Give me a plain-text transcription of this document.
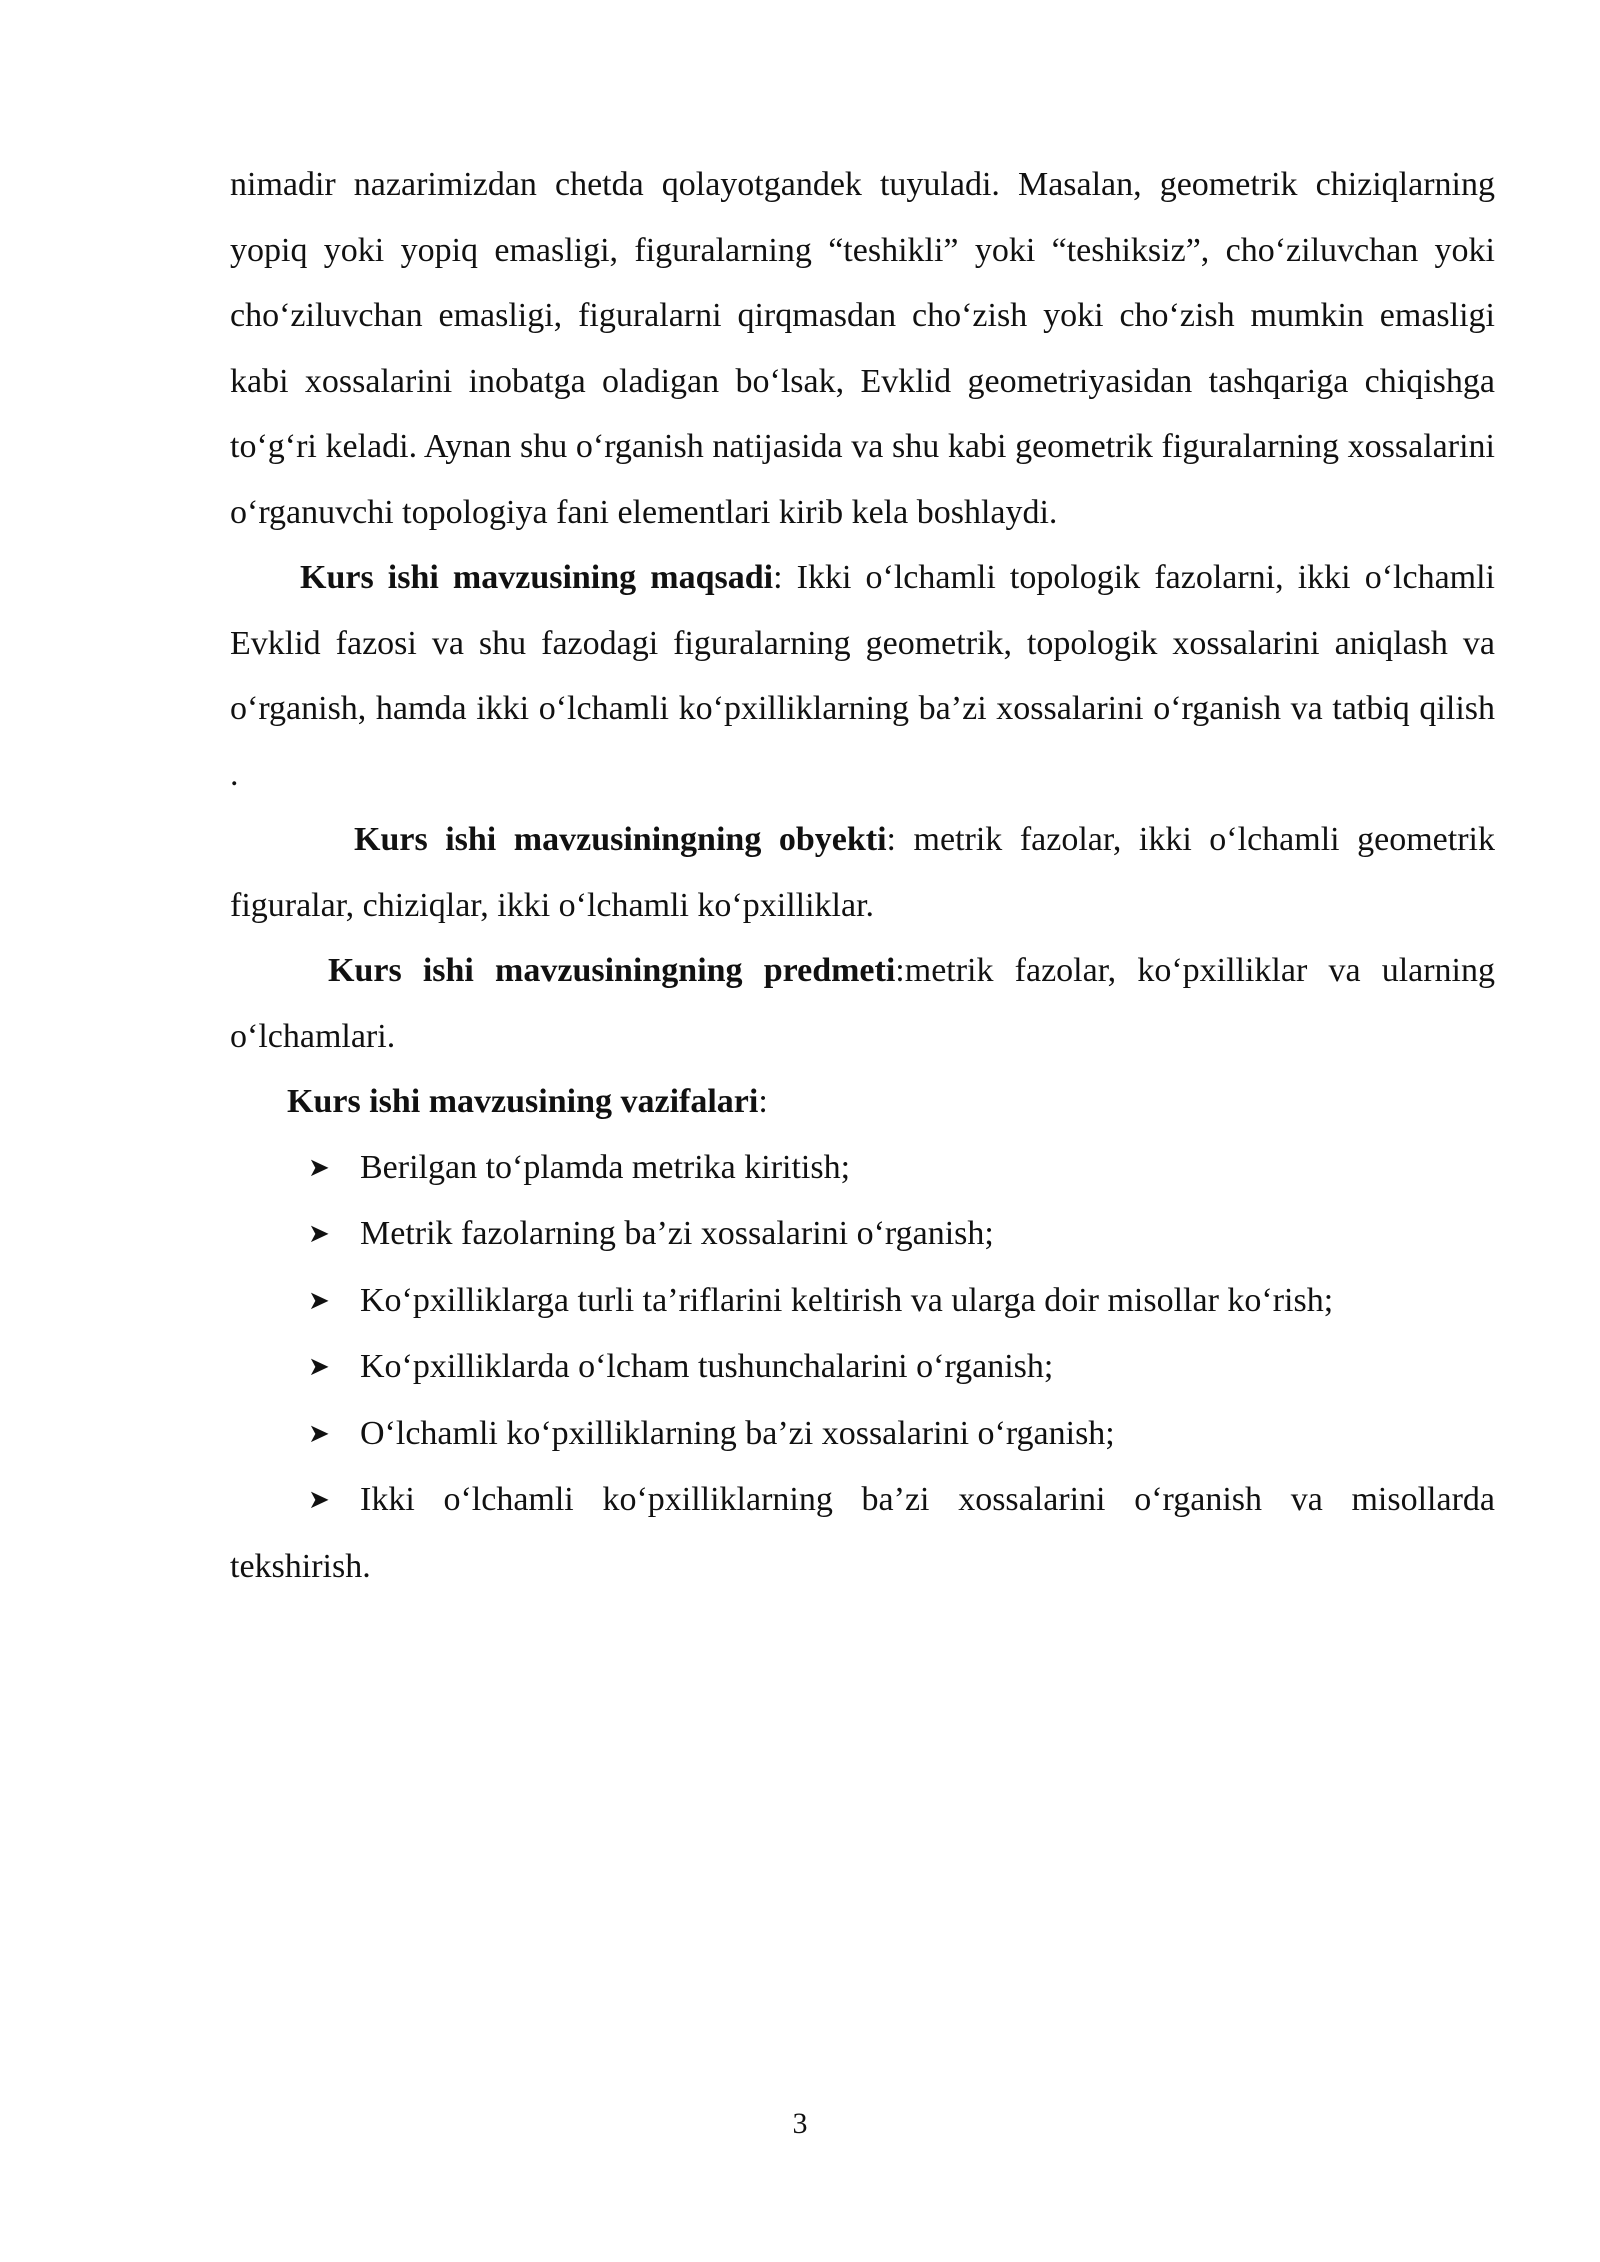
nimadir nazarimizdan chetda qolayotgandek tuyuladi. Masalan, geometrik chiziqlarning yopiq yoki yopiq emasligi, figuralarning “teshikli” yoki “teshiksiz”, cho‘ziluvchan yoki cho‘ziluvchan emasligi, figuralarni qirqmasdan cho‘zish yoki cho‘zish mumkin emasligi kabi xossalarini inobatga oladigan bo‘lsak, Evklid geometriyasidan tashqariga chiqishga to‘g‘ri keladi. Aynan shu o‘rganish natijasida va shu kabi geometrik figuralarning xossalarini o‘rganuvchi topologiya fani elementlari kirib kela boshlaydi.

Kurs ishi mavzusining maqsadi: Ikki o‘lchamli topologik fazolarni, ikki o‘lchamli Evklid fazosi va shu fazodagi figuralarning geometrik, topologik xossalarini aniqlash va o‘rganish, hamda ikki o‘lchamli ko‘pxilliklarning ba’zi xossalarini o‘rganish va tatbiq qilish .

Kurs ishi mavzusiningning obyekti: metrik fazolar, ikki o‘lchamli geometrik figuralar, chiziqlar, ikki o‘lchamli ko‘pxilliklar.

Kurs ishi mavzusiningning predmeti:metrik fazolar, ko‘pxilliklar va ularning o‘lchamlari.

Kurs ishi mavzusining vazifalari:

➤ Berilgan to‘plamda metrika kiritish;

➤ Metrik fazolarning ba’zi xossalarini o‘rganish;

➤ Ko‘pxilliklarga turli ta’riflarini keltirish va ularga doir misollar ko‘rish;

➤ Ko‘pxilliklarda o‘lcham tushunchalarini o‘rganish;

➤ O‘lchamli ko‘pxilliklarning ba’zi xossalarini o‘rganish;

➤ Ikki o‘lchamli ko‘pxilliklarning ba’zi xossalarini o‘rganish va misollarda tekshirish.

3
